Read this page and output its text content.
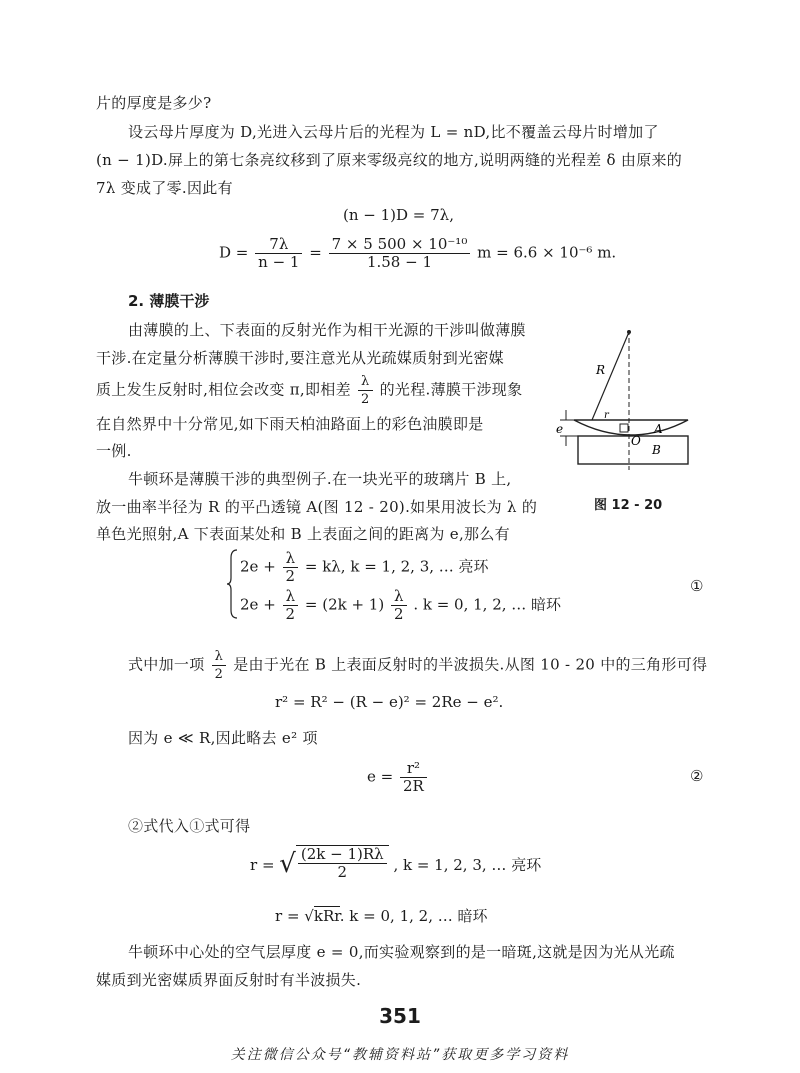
片的厚度是多少?
设云母片厚度为 D,光进入云母片后的光程为 L = nD,比不覆盖云母片时增加了
(n − 1)D.屏上的第七条亮纹移到了原来零级亮纹的地方,说明两缝的光程差 δ 由原来的
7λ 变成了零.因此有
(n − 1)D = 7λ,
$D = \frac{7\lambda}{n - 1} = \frac{\text{7 × 5 500 × 10⁻¹⁰}}{1.58 - 1}$ m = 6.6 × 10⁻⁶ m.
2. 薄膜干涉
由薄膜的上、下表面的反射光作为相干光源的干涉叫做薄膜
干涉.在定量分析薄膜干涉时,要注意光从光疏媒质射到光密媒
质上发生反射时,相位会改变 π,即相差 $\frac{\lambda}{2}$ 的光程.薄膜干涉现象
在自然界中十分常见,如下雨天柏油路面上的彩色油膜即是
一例.
牛顿环是薄膜干涉的典型例子.在一块光平的玻璃片 B 上,
放一曲率半径为 R 的平凸透镜 A(图 12 - 20).如果用波长为 λ 的
单色光照射,A 下表面某处和 B 上表面之间的距离为 e,那么有
R
r
e	A
O
B
图 12 - 20
$2e + \frac{\lambda}{2} = k\lambda$, k = 1, 2, 3, … 亮环
$2e + \frac{\lambda}{2} = (2k + 1) \frac{\lambda}{2}$ . k = 0, 1, 2, … 暗环
①
式中加一项 $\frac{\lambda}{2}$ 是由于光在 B 上表面反射时的半波损失.从图 10 - 20 中的三角形可得
r² = R² − (R − e)² = 2Re − e².
因为 e ≪ R,因此略去 e² 项
$e = \frac{\text{r²}}{2R}$	②
②式代入①式可得
r = √ $\frac{(2k - 1)R\lambda}{2}$ , k = 1, 2, 3, … 亮环
r = √kRr. k = 0, 1, 2, … 暗环
牛顿环中心处的空气层厚度 e = 0,而实验观察到的是一暗斑,这就是因为光从光疏
媒质到光密媒质界面反射时有半波损失.
351
关注微信公众号“教辅资料站”获取更多学习资料
